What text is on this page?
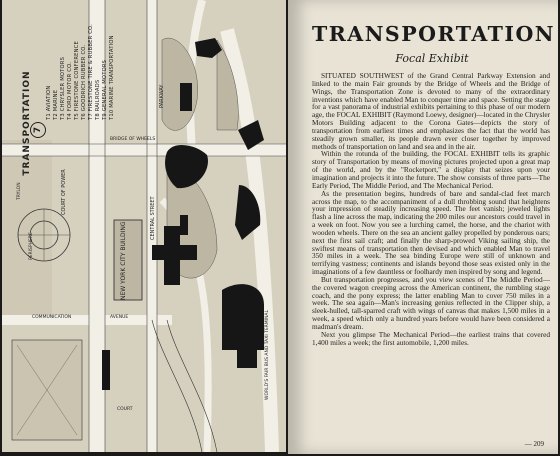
NEW YORK CITY BUILDING
COURT OF POWER
PARKWAY
BRIDGE OF WHEELS
CENTRAL STREET
WORLD'S FAIR BUS AND TAXI TERMINAL
COMMUNICATION	AVENUE
COURT
PERISPHERE
TRYLON
TRANSPORTATION 7
T1 AVIATION T2 MARINE T3 CHRYSLER MOTORS T4 FORD MOTOR CO. T5 FIRESTONE CONFERENCE T6 GOODRICH RUBBER CO. T7 FIRESTONE TIRE & RUBBER CO. T8 RAILROADS T9 GENERAL MOTORS T10 MARINE TRANSPORTATION
TRANSPORTATION
Focal Exhibit

SITUATED SOUTHWEST of the Grand Central Parkway Extension and linked to the main Fair grounds by the Bridge of Wheels and the Bridge of Wings, the Transportation Zone is devoted to many of the extraordinary inventions which have enabled Man to conquer time and space. Setting the stage for a vast panorama of industrial exhibits pertaining to this phase of our modern age, the FOCAL EXHIBIT (Raymond Loewy, designer)—located in the Chrysler Motors Building adjacent to the Corona Gates—depicts the story of transportation from earliest times and emphasizes the fact that the world has steadily grown smaller, its people drawn ever closer together by improved methods of transportation on land and sea and in the air.

Within the rotunda of the building, the FOCAL EXHIBIT tells its graphic story of Transportation by means of moving pictures projected upon a great map of the world, and by the "Rocketport," a display that seizes upon your imagination and projects it into the future. The show consists of three parts—The Early Period, The Middle Period, and The Mechanical Period.

As the presentation begins, hundreds of bare and sandal-clad feet march across the map, to the accompaniment of a dull throbbing sound that heightens your impression of steadily increasing speed. The feet vanish; jeweled lights flash a line across the map, indicating the 200 miles our ancestors could travel in a week on foot. Now you see a lurching camel, the horse, and the chariot with wooden wheels. There on the sea an ancient galley propelled by ponderous oars; next the first sail craft; and finally the sharp-prowed Viking sailing ship, the swiftest means of transportation then devised and which enabled Man to travel 350 miles in a week. The sea binding Europe were still of unknown and terrifying vastness; continents and islands beyond those seas existed only in the imaginations of a few dauntless or foolhardy men inspired by song and legend.

But transportation progresses, and you view scenes of The Middle Period—the covered wagon creeping across the American continent, the rumbling stage coach, and the pony express; the latter enabling Man to cover 750 miles in a week. The sea again—Man's increasing genius reflected in the Clipper ship, a sleek-hulled, tall-sparred craft with wings of canvas that makes 1,500 miles in a week, a speed which only a hundred years before would have been considered a madman's dream.

Next you glimpse The Mechanical Period—the earliest trains that covered 1,400 miles a week; the first automobile, 1,200 miles.

— 209
